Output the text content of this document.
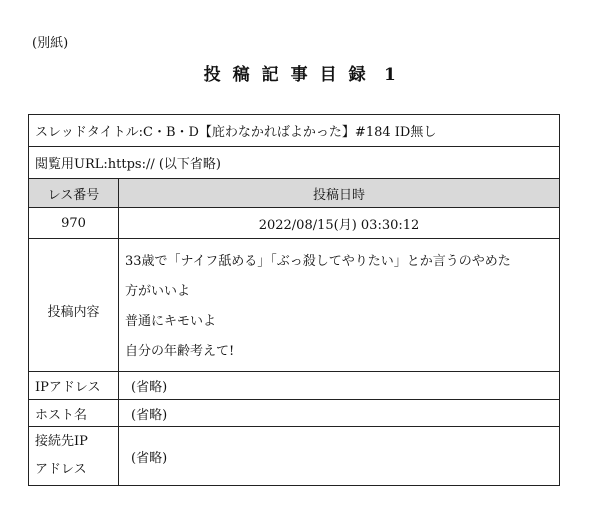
(別紙)
投稿記事目録 1
スレッドタイトル:C・B・D【庇わなかればよかった】#184 ID無し	
閲覧用URL:https:// (以下省略)	
レス番号	投稿日時
970	2022/08/15(月) 03:30:12
投稿内容	33歳で「ナイフ舐める」「ぶっ殺してやりたい」とか言うのやめた
方がいいよ
普通にキモいよ
自分の年齢考えて!

IPアドレス	(省略)
ホスト名	(省略)
接続先IP
アドレス	(省略)
